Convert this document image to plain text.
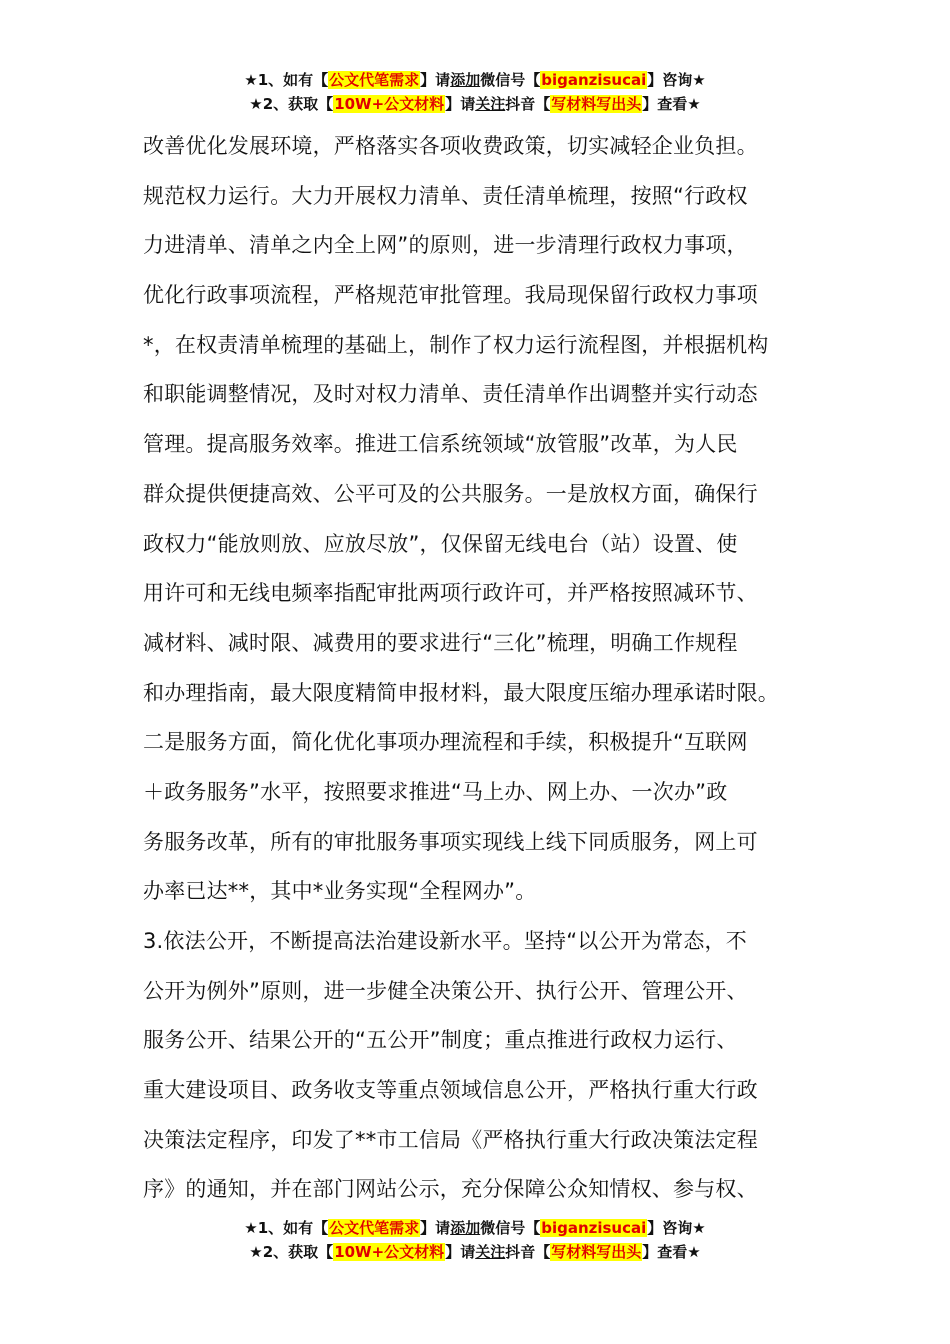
★1、如有【公文代笔需求】请添加微信号【biganzisucai】咨询★
★2、获取【10W+公文材料】请关注抖音【写材料写出头】查看★
改善优化发展环境，严格落实各项收费政策，切实减轻企业负担。
规范权力运行。大力开展权力清单、责任清单梳理，按照“行政权
力进清单、清单之内全上网”的原则，进一步清理行政权力事项，
优化行政事项流程，严格规范审批管理。我局现保留行政权力事项
*，在权责清单梳理的基础上，制作了权力运行流程图，并根据机构
和职能调整情况，及时对权力清单、责任清单作出调整并实行动态
管理。提高服务效率。推进工信系统领域“放管服”改革，为人民
群众提供便捷高效、公平可及的公共服务。一是放权方面，确保行
政权力“能放则放、应放尽放”，仅保留无线电台（站）设置、使
用许可和无线电频率指配审批两项行政许可，并严格按照减环节、
减材料、减时限、减费用的要求进行“三化”梳理，明确工作规程
和办理指南，最大限度精简申报材料，最大限度压缩办理承诺时限。
二是服务方面，简化优化事项办理流程和手续，积极提升“互联网
＋政务服务”水平，按照要求推进“马上办、网上办、一次办”政
务服务改革，所有的审批服务事项实现线上线下同质服务，网上可
办率已达**，其中*业务实现“全程网办”。
3.依法公开，不断提高法治建设新水平。坚持“以公开为常态，不
公开为例外”原则，进一步健全决策公开、执行公开、管理公开、
服务公开、结果公开的“五公开”制度；重点推进行政权力运行、
重大建设项目、政务收支等重点领域信息公开，严格执行重大行政
决策法定程序，印发了**市工信局《严格执行重大行政决策法定程
序》的通知，并在部门网站公示，充分保障公众知情权、参与权、
★1、如有【公文代笔需求】请添加微信号【biganzisucai】咨询★
★2、获取【10W+公文材料】请关注抖音【写材料写出头】查看★
